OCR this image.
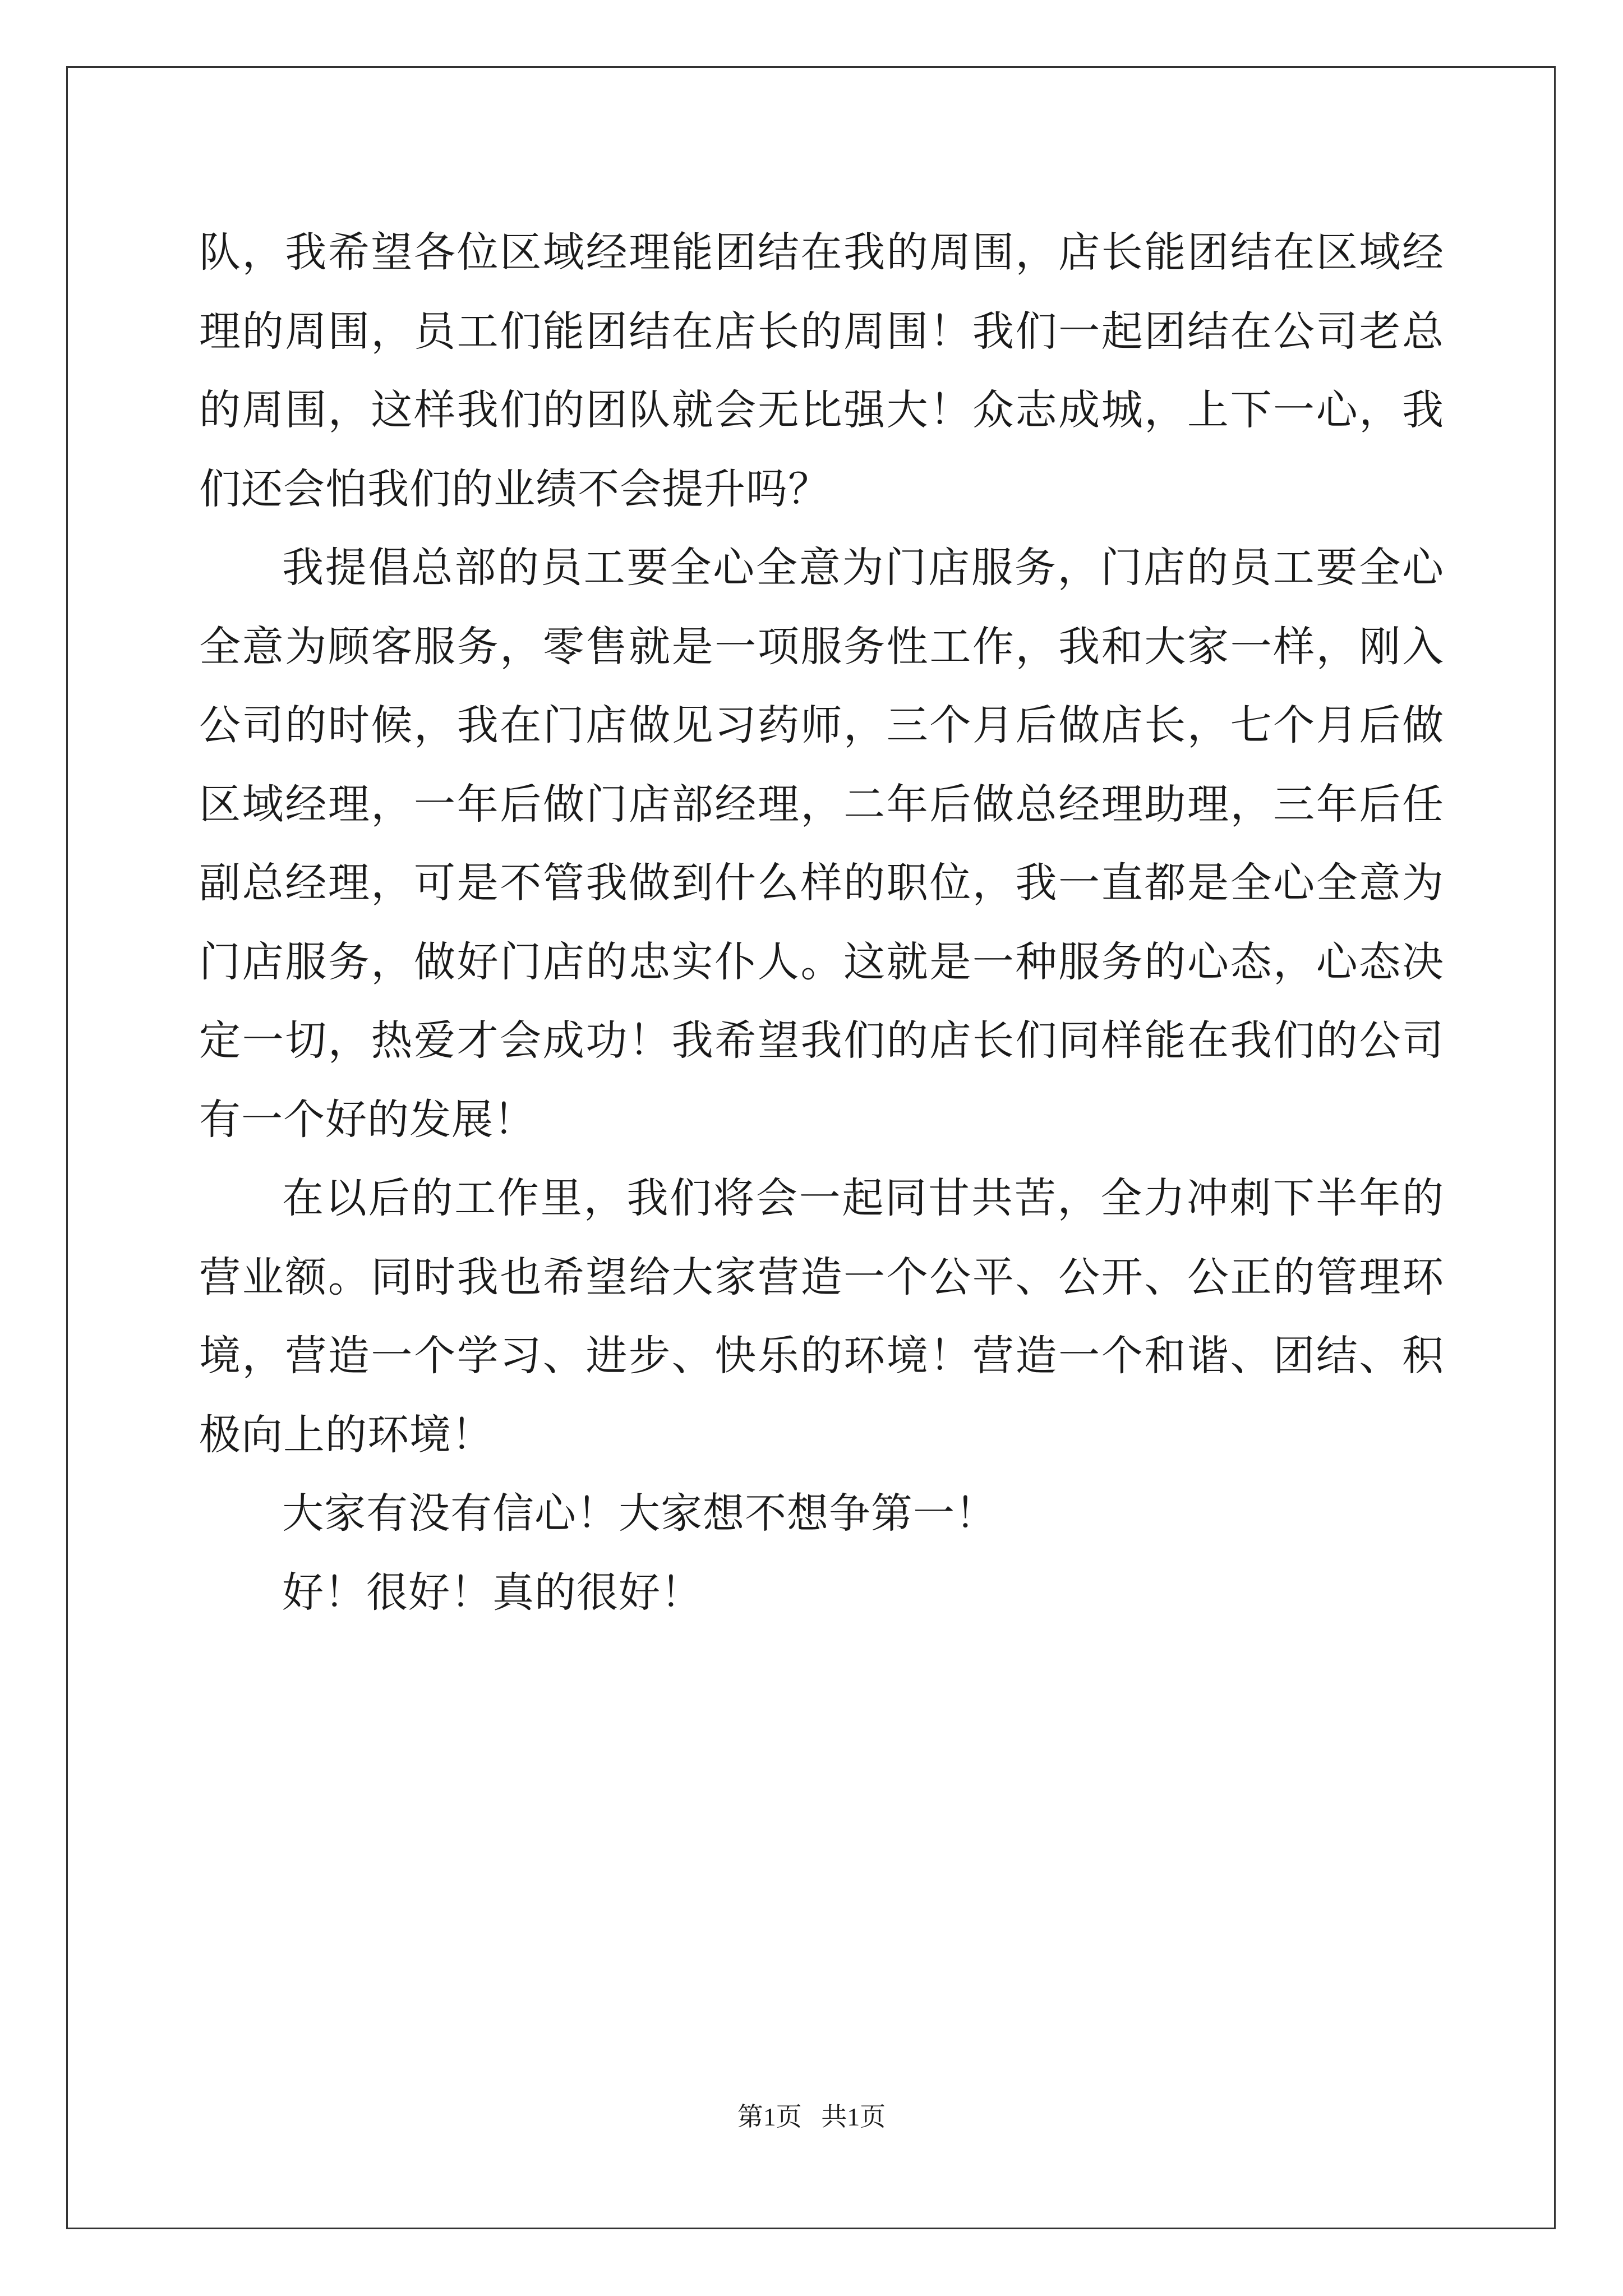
队，我希望各位区域经理能团结在我的周围，店长能团结在区域经理的周围，员工们能团结在店长的周围！我们一起团结在公司老总的周围，这样我们的团队就会无比强大！众志成城，上下一心，我们还会怕我们的业绩不会提升吗？

我提倡总部的员工要全心全意为门店服务，门店的员工要全心全意为顾客服务，零售就是一项服务性工作，我和大家一样，刚入公司的时候，我在门店做见习药师，三个月后做店长，七个月后做区域经理，一年后做门店部经理，二年后做总经理助理，三年后任副总经理，可是不管我做到什么样的职位，我一直都是全心全意为门店服务，做好门店的忠实仆人。这就是一种服务的心态，心态决定一切，热爱才会成功！我希望我们的店长们同样能在我们的公司有一个好的发展！

在以后的工作里，我们将会一起同甘共苦，全力冲刺下半年的营业额。同时我也希望给大家营造一个公平、公开、公正的管理环境，营造一个学习、进步、快乐的环境！营造一个和谐、团结、积极向上的环境！

大家有没有信心！大家想不想争第一！

好！很好！真的很好！

第1页 共1页
